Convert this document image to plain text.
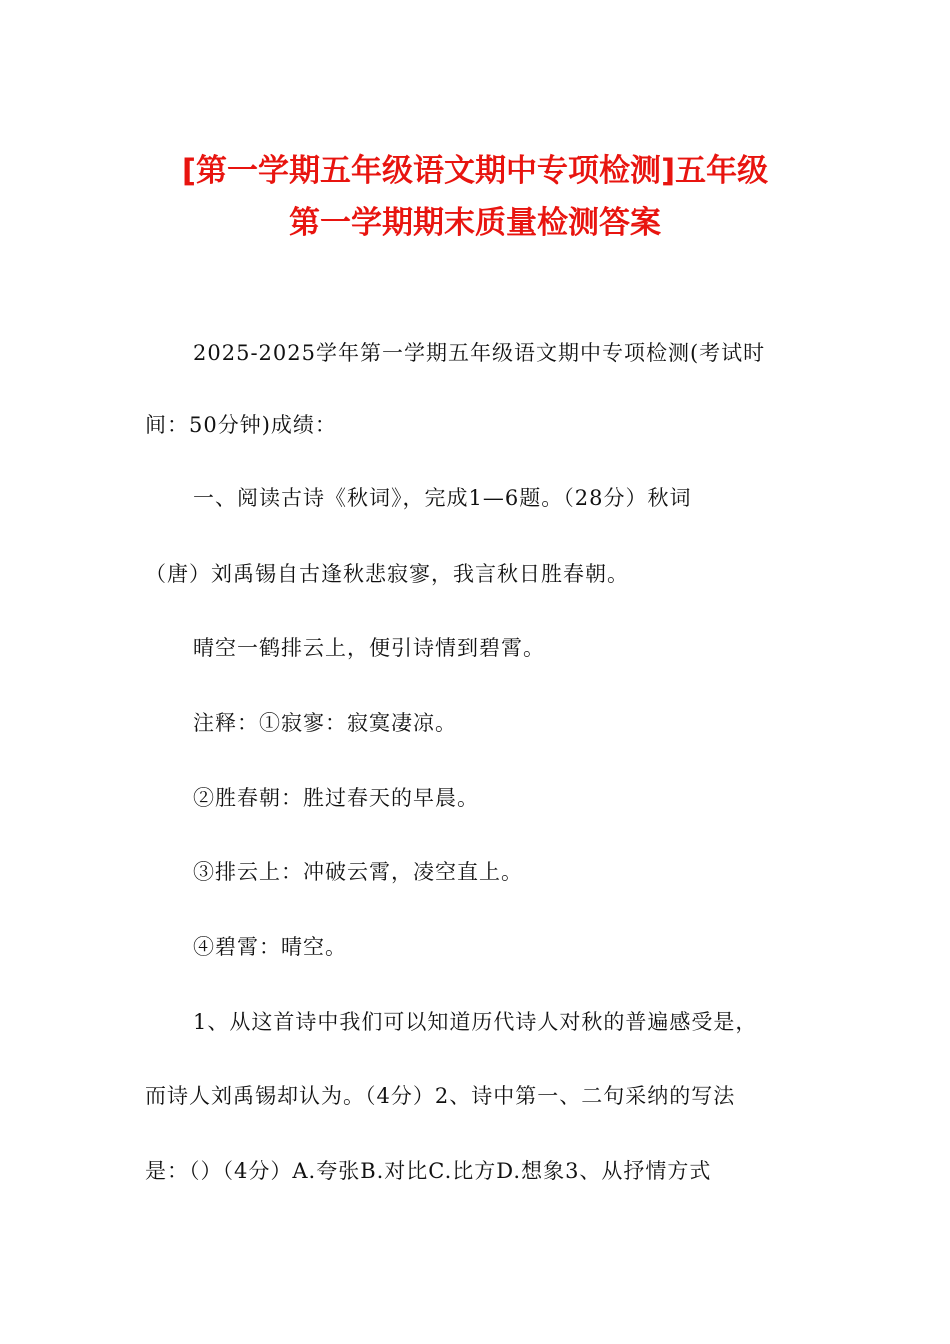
[第一学期五年级语文期中专项检测]五年级
第一学期期末质量检测答案
2025-2025学年第一学期五年级语文期中专项检测(考试时
间：50分钟)成绩：
一、阅读古诗《秋词》，完成1—6题。（28分）秋词
（唐）刘禹锡自古逢秋悲寂寥，我言秋日胜春朝。
晴空一鹤排云上，便引诗情到碧霄。
注释：①寂寥：寂寞凄凉。
②胜春朝：胜过春天的早晨。
③排云上：冲破云霄，凌空直上。
④碧霄：晴空。
1、从这首诗中我们可以知道历代诗人对秋的普遍感受是，
而诗人刘禹锡却认为。（4分）2、诗中第一、二句采纳的写法
是：（）（4分）A.夸张B.对比C.比方D.想象3、从抒情方式
